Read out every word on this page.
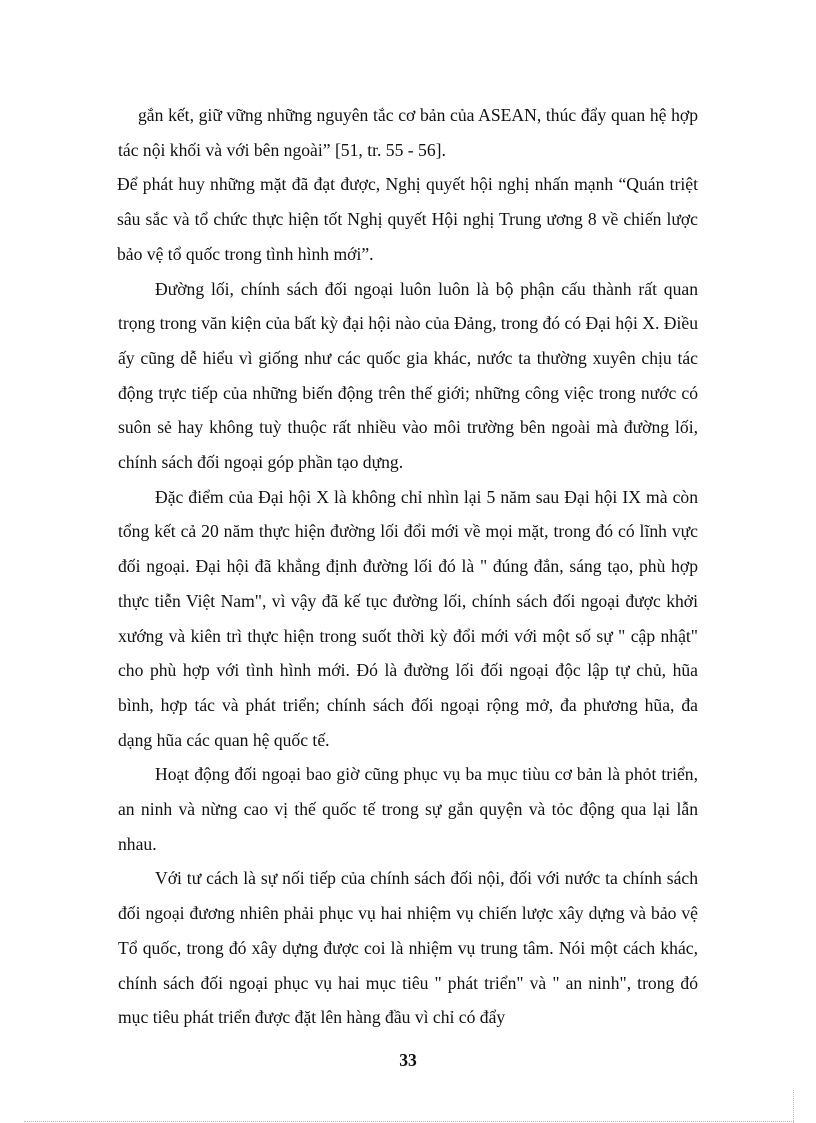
gắn kết, giữ vững những nguyên tắc cơ bản của ASEAN, thúc đẩy quan hệ hợp tác nội khối và với bên ngoài” [51, tr. 55 - 56].

Để phát huy những mặt đã đạt được, Nghị quyết hội nghị nhấn mạnh “Quán triệt sâu sắc và tổ chức thực hiện tốt Nghị quyết Hội nghị Trung ương 8 về chiến lược bảo vệ tổ quốc trong tình hình mới”.

Đường lối, chính sách đối ngoại luôn luôn là bộ phận cấu thành rất quan trọng trong văn kiện của bất kỳ đại hội nào của Đảng, trong đó có Đại hội X. Điều ấy cũng dễ hiểu vì giống như các quốc gia khác, nước ta thường xuyên chịu tác động trực tiếp của những biến động trên thế giới; những công việc trong nước có suôn sẻ hay không tuỳ thuộc rất nhiều vào môi trường bên ngoài mà đường lối, chính sách đối ngoại góp phần tạo dựng.

Đặc điểm của Đại hội X là không chỉ nhìn lại 5 năm sau Đại hội IX mà còn tổng kết cả 20 năm thực hiện đường lối đổi mới về mọi mặt, trong đó có lĩnh vực đối ngoại. Đại hội đã khẳng định đường lối đó là " đúng đắn, sáng tạo, phù hợp thực tiễn Việt Nam", vì vậy đã kế tục đường lối, chính sách đối ngoại được khởi xướng và kiên trì thực hiện trong suốt thời kỳ đổi mới với một số sự " cập nhật" cho phù hợp với tình hình mới. Đó là đường lối đối ngoại độc lập tự chủ, hũa bình, hợp tác và phát triển; chính sách đối ngoại rộng mở, đa phương hũa, đa dạng hũa các quan hệ quốc tế.

Hoạt động đối ngoại bao giờ cũng phục vụ ba mục tiùu cơ bản là phỏt triển, an ninh và nừng cao vị thế quốc tế trong sự gắn quyện và tỏc động qua lại lẫn nhau.

Với tư cách là sự nối tiếp của chính sách đối nội, đối với nước ta chính sách đối ngoại đương nhiên phải phục vụ hai nhiệm vụ chiến lược xây dựng và bảo vệ Tổ quốc, trong đó xây dựng được coi là nhiệm vụ trung tâm. Nói một cách khác, chính sách đối ngoại phục vụ hai mục tiêu " phát triển" và " an ninh", trong đó mục tiêu phát triển được đặt lên hàng đầu vì chỉ có đẩy

33
